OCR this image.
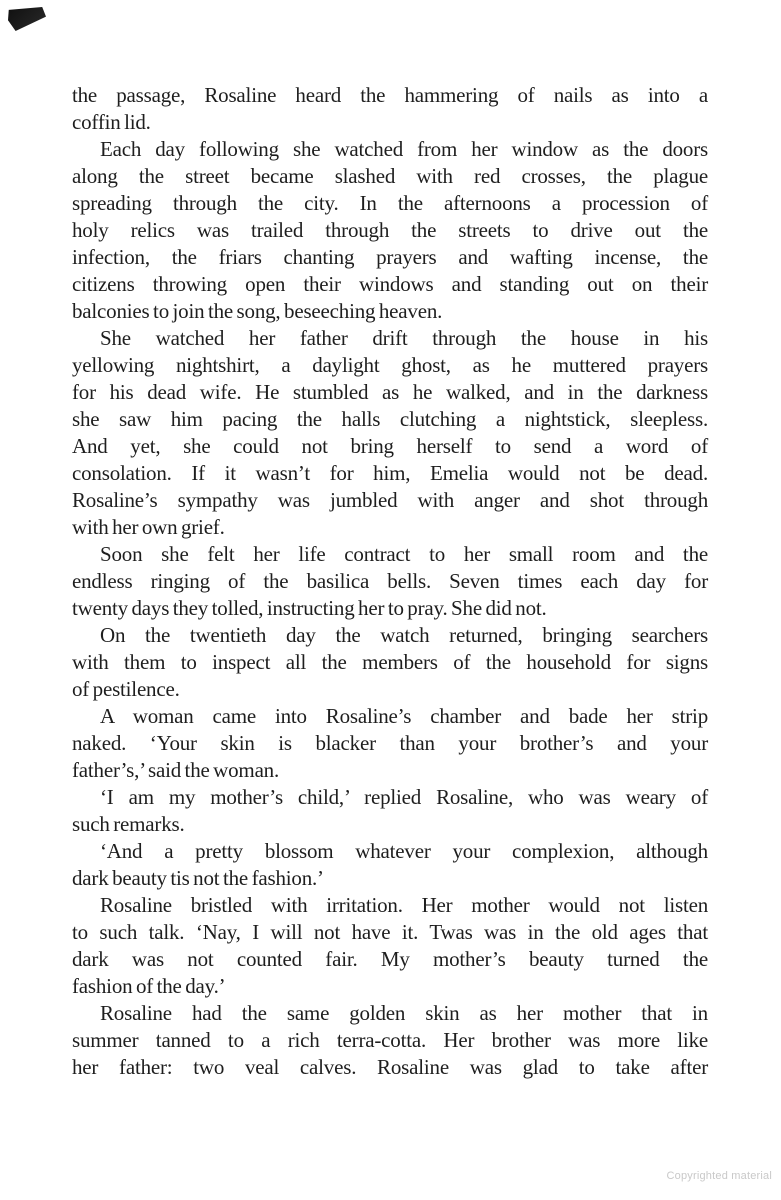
the passage, Rosaline heard the hammering of nails as into a
coffin lid.
Each day following she watched from her window as the doors
along the street became slashed with red crosses, the plague
spreading through the city. In the afternoons a procession of
holy relics was trailed through the streets to drive out the
infection, the friars chanting prayers and wafting incense, the
citizens throwing open their windows and standing out on their
balconies to join the song, beseeching heaven.
She watched her father drift through the house in his
yellowing nightshirt, a daylight ghost, as he muttered prayers
for his dead wife. He stumbled as he walked, and in the darkness
she saw him pacing the halls clutching a nightstick, sleepless.
And yet, she could not bring herself to send a word of
consolation. If it wasn’t for him, Emelia would not be dead.
Rosaline’s sympathy was jumbled with anger and shot through
with her own grief.
Soon she felt her life contract to her small room and the
endless ringing of the basilica bells. Seven times each day for
twenty days they tolled, instructing her to pray. She did not.
On the twentieth day the watch returned, bringing searchers
with them to inspect all the members of the household for signs
of pestilence.
A woman came into Rosaline’s chamber and bade her strip
naked. ‘Your skin is blacker than your brother’s and your
father’s,’ said the woman.
‘I am my mother’s child,’ replied Rosaline, who was weary of
such remarks.
‘And a pretty blossom whatever your complexion, although
dark beauty tis not the fashion.’
Rosaline bristled with irritation. Her mother would not listen
to such talk. ‘Nay, I will not have it. Twas was in the old ages that
dark was not counted fair. My mother’s beauty turned the
fashion of the day.’
Rosaline had the same golden skin as her mother that in
summer tanned to a rich terra-cotta. Her brother was more like
her father: two veal calves. Rosaline was glad to take after
Copyrighted material
